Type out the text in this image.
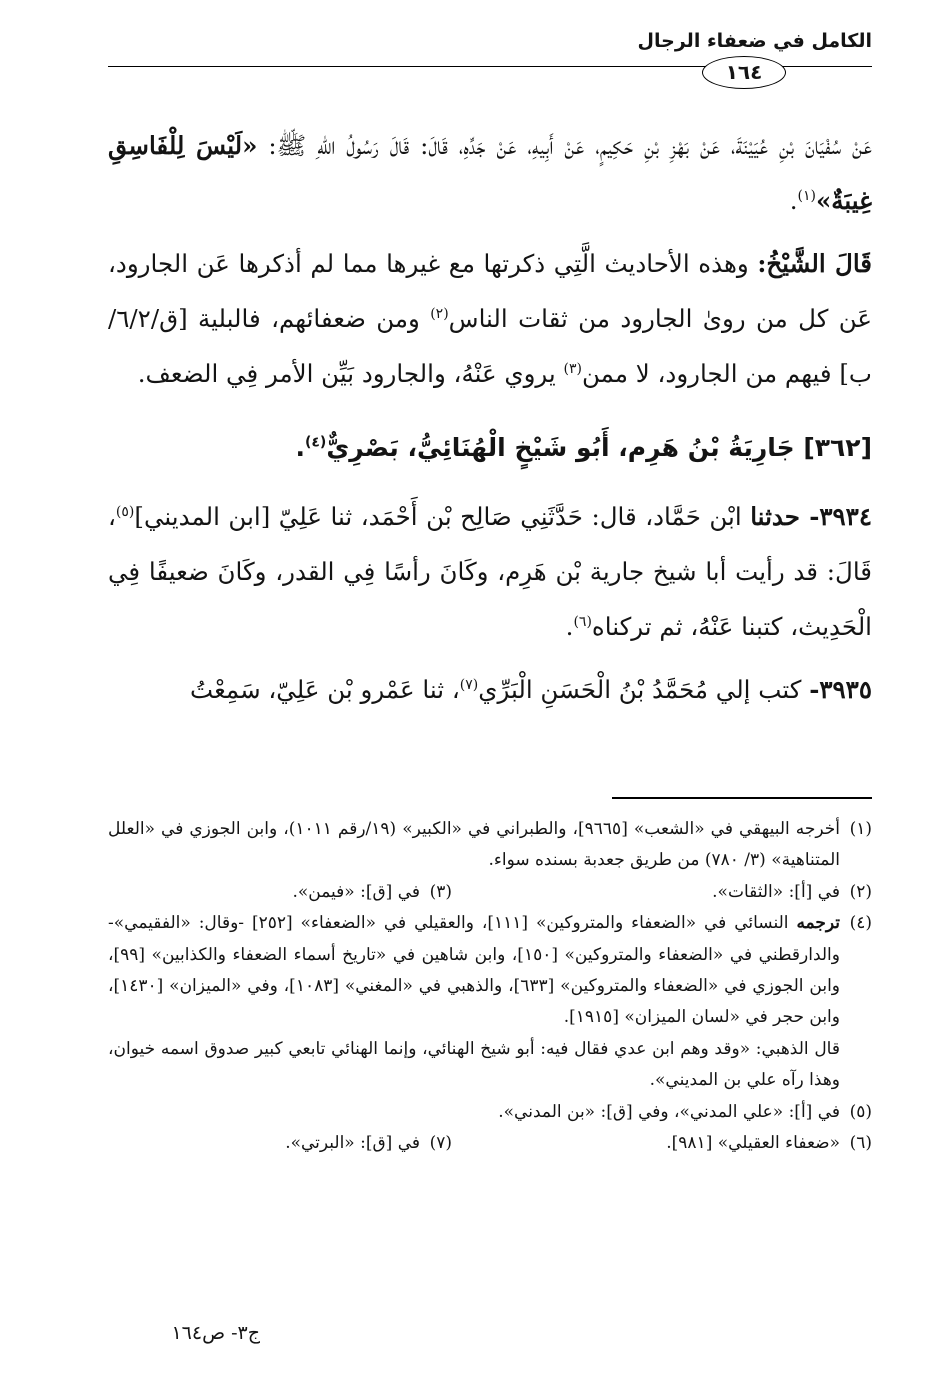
الكامل في ضعفاء الرجال
١٦٤

عَنْ سُفْيَانَ بْنِ عُيَيْنَةَ، عَنْ بَهْزِ بْنِ حَكِيمٍ، عَنْ أَبِيهِ، عَنْ جَدِّهِ، قَالَ: قَالَ رَسُولُ اللهِ ﷺ: «لَيْسَ لِلْفَاسِقِ غِيبَةٌ»$^{(١)}$.

قَالَ الشَّيْخُ: وهذه الأحاديث الَّتِي ذكرتها مع غيرها مما لم أذكرها عَن الجارود، عَن كل من روىٰ الجارود من ثقات الناس$^{(٢)}$ ومن ضعفائهم، فالبلية [ق/٦/٢/ب] فيهم من الجارود، لا ممن$^{(٣)}$ يروي عَنْهُ، والجارود بَيِّن الأمر فِي الضعف.

[٣٦٢] جَارِيَةُ بْنُ هَرِم، أَبُو شَيْخٍ الْهُنَائِيُّ، بَصْرِيٌّ$^{(٤)}$.

٣٩٣٤- حدثنا ابْن حَمَّاد، قال: حَدَّثَنِي صَالِح بْن أَحْمَد، ثنا عَلِيّ [ابن المديني]$^{(٥)}$، قَالَ: قد رأيت أبا شيخ جارية بْن هَرِم، وكَانَ رأسًا فِي القدر، وكَانَ ضعيفًا فِي الْحَدِيث، كتبنا عَنْهُ، ثم تركناه$^{(٦)}$.

٣٩٣٥- كتب إلي مُحَمَّدُ بْنُ الْحَسَنِ الْبَرِّي$^{(٧)}$، ثنا عَمْرو بْن عَلِيّ، سَمِعْتُ

(١)
أخرجه البيهقي في «الشعب» [٩٦٦٥]، والطبراني في «الكبير» (١٩/رقم ١٠١١)، وابن الجوزي في «العلل المتناهية» (٣/ ٧٨٠) من طريق جعدبة بسنده سواء.
(٢)
في [أ]: «الثقات».
(٣)
في [ق]: «فيمن».
(٤)

ترجمه النسائي في «الضعفاء والمتروكين» [١١١]، والعقيلي في «الضعفاء» [٢٥٢] -وقال: «الفقيمي»- والدارقطني في «الضعفاء والمتروكين» [١٥٠]، وابن شاهين في «تاريخ أسماء الضعفاء والكذابين» [٩٩]، وابن الجوزي في «الضعفاء والمتروكين» [٦٣٣]، والذهبي في «المغني» [١٠٨٣]، وفي «الميزان» [١٤٣٠]، وابن حجر في «لسان الميزان» [١٩١٥].

قال الذهبي: «وقد وهم ابن عدي فقال فيه: أبو شيخ الهنائي، وإنما الهنائي تابعي كبير صدوق اسمه خيوان، وهذا رآه علي بن المديني».

(٥)
في [أ]: «علي المدني»، وفي [ق]: «بن المدني».
(٦)
«ضعفاء العقيلي» [٩٨١].
(٧)
في [ق]: «البرتي».
ج٣- ص١٦٤
